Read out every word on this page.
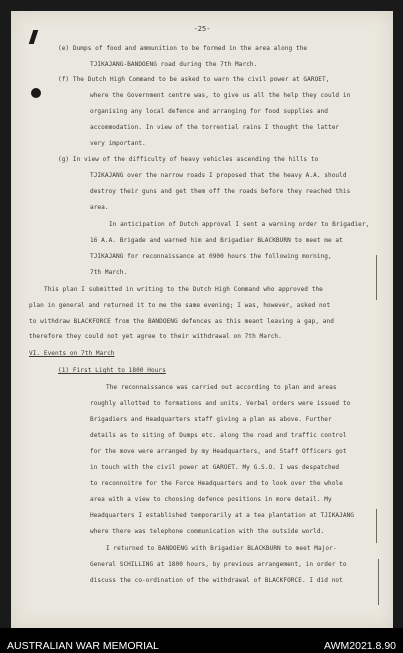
-25-
(e) Dumps of food and ammunition to be formed in the area along the
TJIKAJANG-BANDOENG road during the 7th March.
(f) The Dutch High Command to be asked to warn the civil power at GAROET,
where the Government centre was, to give us all the help they could in
organising any local defence and arranging for food supplies and
accommodation. In view of the torrential rains I thought the latter
very important.
(g) In view of the difficulty of heavy vehicles ascending the hills to
TJIKAJANG over the narrow roads I proposed that the heavy A.A. should
destroy their guns and get them off the roads before they reached this
area.
In anticipation of Dutch approval I sent a warning order to Brigadier,
16 A.A. Brigade and warned him and Brigadier BLACKBURN to meet me at
TJIKAJANG for reconnaissance at 0900 hours the following morning,
7th March.
This plan I submitted in writing to the Dutch High Command who approved the
plan in general and returned it to me the same evening; I was, however, asked not
to withdraw BLACKFORCE from the BANDOENG defences as this meant leaving a gap, and
therefore they could not yet agree to their withdrawal on 7th March.
VI. Events on 7th March
(1) First Light to 1800 Hours
The reconnaissance was carried out according to plan and areas
roughly allotted to formations and units. Verbal orders were issued to
Brigadiers and Headquarters staff giving a plan as above. Further
details as to siting of Dumps etc. along the road and traffic control
for the move were arranged by my Headquarters, and Staff Officers got
in touch with the civil power at GAROET. My G.S.O. I was despatched
to reconnoitre for the Force Headquarters and to look over the whole
area with a view to choosing defence positions in more detail. My
Headquarters I established temporarily at a tea plantation at TJIKAJANG
where there was telephone communication with the outside world.
I returned to BANDOENG with Brigadier BLACKBURN to meet Major-
General SCHILLING at 1800 hours, by previous arrangement, in order to
discuss the co-ordination of the withdrawal of BLACKFORCE. I did not
AUSTRALIAN WAR MEMORIAL	AWM2021.8.90
